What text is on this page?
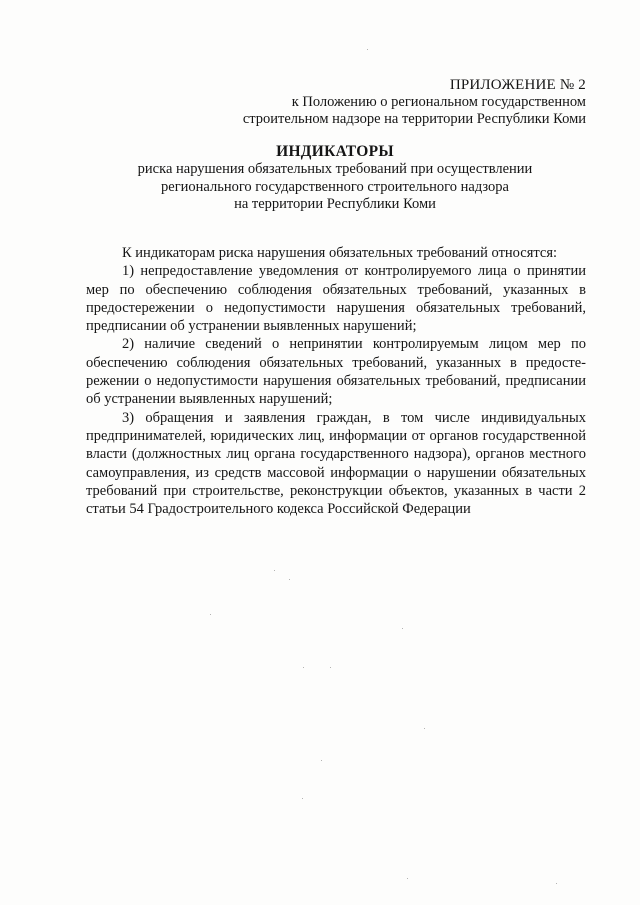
ПРИЛОЖЕНИЕ № 2
к Положению о региональном государственном
строительном надзоре на территории Республики Коми
ИНДИКАТОРЫ
риска нарушения обязательных требований при осуществлении
регионального государственного строительного надзора
на территории Республики Коми

К индикаторам риска нарушения обязательных требований относятся:

1) непредоставление уведомления от контролируемого лица о принятии мер по обеспечению соблюдения обязательных требований, указанных в предостережении о недопустимости нарушения обязательных требований, предписании об устранении выявленных нарушений;

2) наличие сведений о непринятии контролируемым лицом мер по обеспечению соблюдения обязательных требований, указанных в предостережении о недопустимости нарушения обязательных требований, предписании об устранении выявленных нарушений;

3) обращения и заявления граждан, в том числе индивидуальных предпринимателей, юридических лиц, информации от органов государственной власти (должностных лиц органа государственного надзора), органов местного самоуправления, из средств массовой информации о нарушении обязательных требований при строительстве, реконструкции объектов, указанных в части 2 статьи 54 Градостроительного кодекса Российской Федерации
